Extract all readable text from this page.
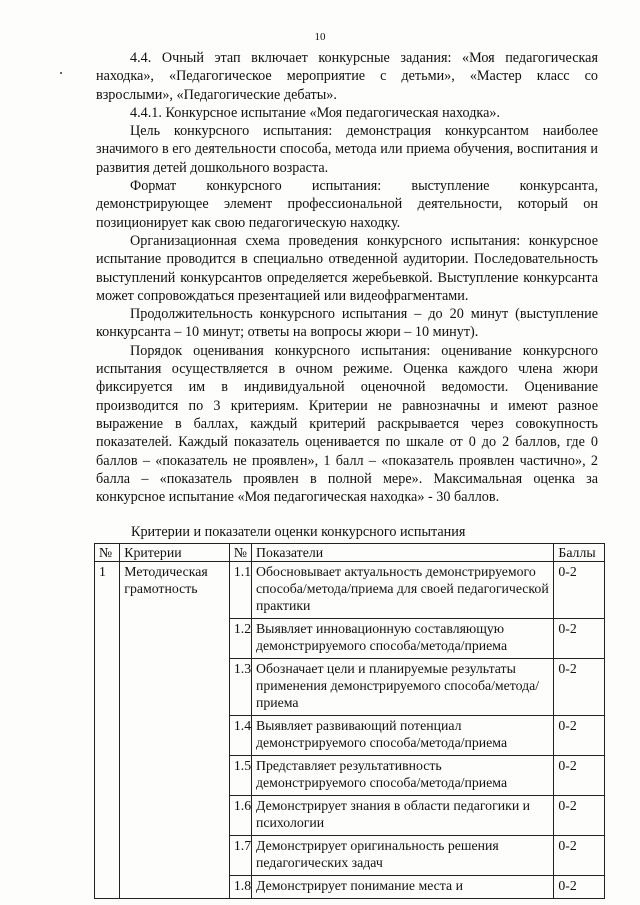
10

4.4. Очный этап включает конкурсные задания: «Моя педагогическая находка», «Педагогическое мероприятие с детьми», «Мастер класс со взрослыми», «Педагогические дебаты».

4.4.1. Конкурсное испытание «Моя педагогическая находка».

Цель конкурсного испытания: демонстрация конкурсантом наиболее значимого в его деятельности способа, метода или приема обучения, воспитания и развития детей дошкольного возраста.

Формат конкурсного испытания: выступление конкурсанта, демонстрирующее элемент профессиональной деятельности, который он позиционирует как свою педагогическую находку.

Организационная схема проведения конкурсного испытания: конкурсное испытание проводится в специально отведенной аудитории. Последовательность выступлений конкурсантов определяется жеребьевкой. Выступление конкурсанта может сопровождаться презентацией или видеофрагментами.

Продолжительность конкурсного испытания – до 20 минут (выступление конкурсанта – 10 минут; ответы на вопросы жюри – 10 минут).

Порядок оценивания конкурсного испытания: оценивание конкурсного испытания осуществляется в очном режиме. Оценка каждого члена жюри фиксируется им в индивидуальной оценочной ведомости. Оценивание производится по 3 критериям. Критерии не равнозначны и имеют разное выражение в баллах, каждый критерий раскрывается через совокупность показателей. Каждый показатель оценивается по шкале от 0 до 2 баллов, где 0 баллов – «показатель не проявлен», 1 балл – «показатель проявлен частично», 2 балла – «показатель проявлен в полной мере». Максимальная оценка за конкурсное испытание «Моя педагогическая находка» - 30 баллов.

Критерии и показатели оценки конкурсного испытания
№	Критерии	№	Показатели	Баллы
1	Методическая грамотность	1.1	Обосновывает актуальность демонстрируемого способа/метода/приема для своей педагогической практики	0-2
		1.2	Выявляет инновационную составляющую демонстрируемого способа/метода/приема	0-2
		1.3	Обозначает цели и планируемые результаты применения демонстрируемого способа/метода/приема	0-2
		1.4	Выявляет развивающий потенциал демонстрируемого способа/метода/приема	0-2
		1.5	Представляет результативность демонстрируемого способа/метода/приема	0-2
		1.6	Демонстрирует знания в области педагогики и психологии	0-2
		1.7	Демонстрирует оригинальность решения педагогических задач	0-2
		1.8	Демонстрирует понимание места и	0-2
